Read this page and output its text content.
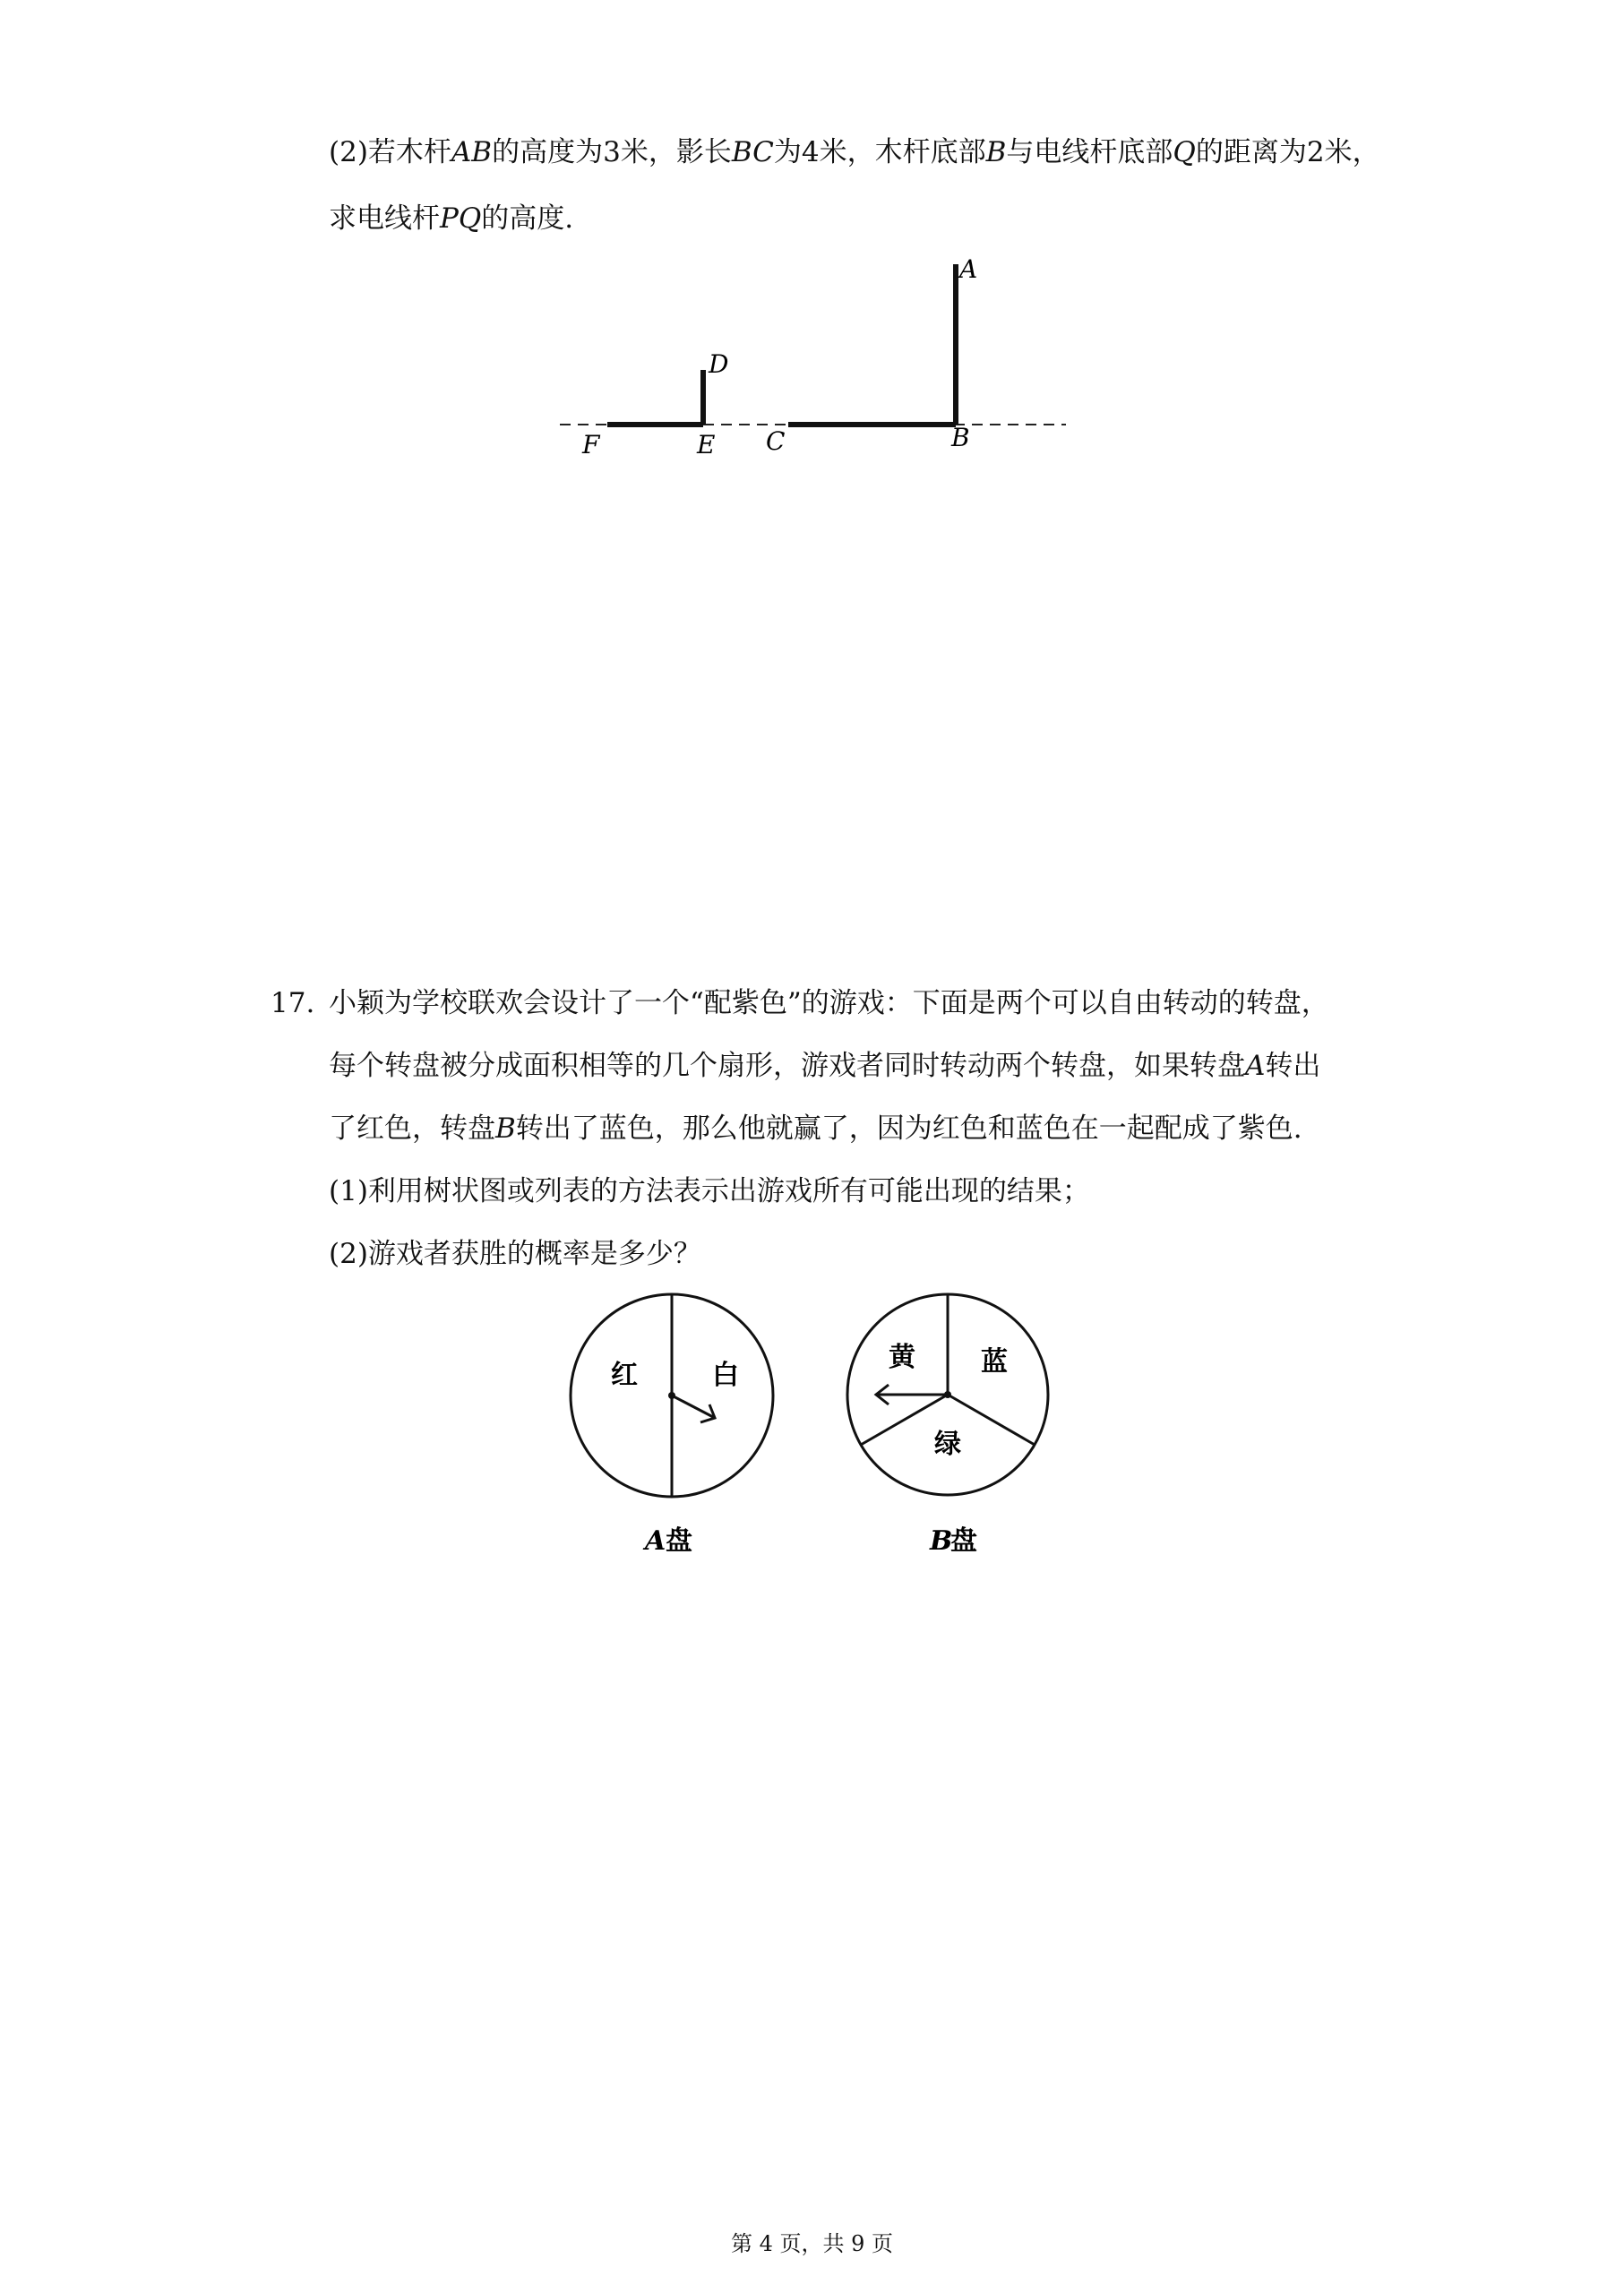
(2)若木杆AB的高度为3米，影长BC为4米，木杆底部B与电线杆底部Q的距离为2米，
求电线杆PQ的高度.
A
D
F	E C	B
17. 小颖为学校联欢会设计了一个“配紫色”的游戏：下面是两个可以自由转动的转盘，
每个转盘被分成面积相等的几个扇形，游戏者同时转动两个转盘，如果转盘A转出
了红色，转盘B转出了蓝色，那么他就赢了，因为红色和蓝色在一起配成了紫色.
(1)利用树状图或列表的方法表示出游戏所有可能出现的结果；
(2)游戏者获胜的概率是多少？
红	白
A 盘
黄 蓝
绿
B
盘
第 4 页，共 9 页
